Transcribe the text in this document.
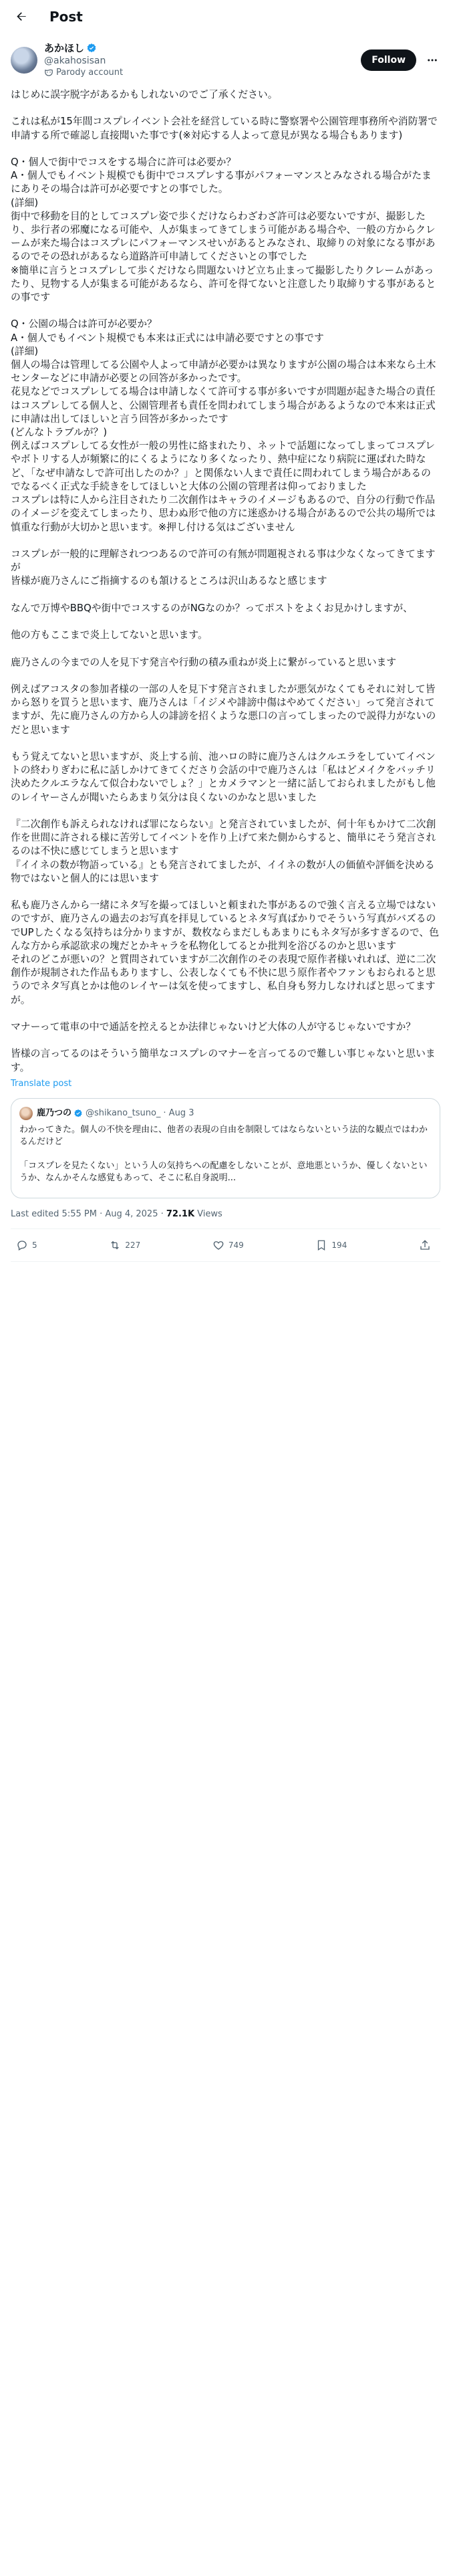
Post
あかほし
@akahosisan
Parody account
Follow
はじめに誤字脱字があるかもしれないのでご了承ください。

これは私が15年間コスプレイベント会社を経営している時に警察署や公園管理事務所や消防署で申請する所で確認し直接聞いた事です(※対応する人よって意見が異なる場合もあります)

Q・個人で街中でコスをする場合に許可は必要か？
A・個人でもイベント規模でも街中でコスプレする事がパフォーマンスとみなされる場合がたまにありその場合は許可が必要ですとの事でした。
(詳細)
街中で移動を目的としてコスプレ姿で歩くだけならわざわざ許可は必要ないですが、撮影したり、歩行者の邪魔になる可能や、人が集まってきてしまう可能がある場合や、一般の方からクレームが来た場合はコスプレにパフォーマンスせいがあるとみなされ、取締りの対象になる事があるのでその恐れがあるなら道路許可申請してくださいとの事でした
※簡単に言うとコスプレして歩くだけなら問題ないけど立ち止まって撮影したりクレームがあったり、見物する人が集まる可能があるなら、許可を得てないと注意したり取締りする事があるとの事です

Q・公園の場合は許可が必要か？
A・個人でもイベント規模でも本来は正式には申請必要ですとの事です
(詳細)
個人の場合は管理してる公園や人よって申請が必要かは異なりますが公園の場合は本来なら土木センターなどに申請が必要との回答が多かったです。
花見などでコスプレしてる場合は申請しなくて許可する事が多いですが問題が起きた場合の責任はコスプレしてる個人と、公園管理者も責任を問われてしまう場合があるようなので本来は正式に申請は出してほしいと言う回答が多かったです
(どんなトラブルが？)
例えばコスプレしてる女性が一般の男性に絡まれたり、ネットで話題になってしまってコスプレやボトリする人が頻繁に的にくるようになり多くなったり、熱中症になり病院に運ばれた時など、「なぜ申請なしで許可出したのか？」と関係ない人まで責任に問われてしまう場合があるのでなるべく正式な手続きをしてほしいと大体の公園の管理者は仰っておりました
コスプレは特に人から注目されたり二次創作はキャラのイメージもあるので、自分の行動で作品のイメージを変えてしまったり、思わぬ形で他の方に迷惑かける場合があるので公共の場所では慎重な行動が大切かと思います。※押し付ける気はございません

コスプレが一般的に理解されつつあるので許可の有無が問題視される事は少なくなってきてますが
皆様が鹿乃さんにご指摘するのも頷けるところは沢山あるなと感じます

なんで万博やBBQや街中でコスするのがNGなのか？ってポストをよくお見かけしますが、

他の方もここまで炎上してないと思います。

鹿乃さんの今までの人を見下す発言や行動の積み重ねが炎上に繋がっていると思います

例えばアコスタの参加者様の一部の人を見下す発言されましたが悪気がなくてもそれに対して皆から怒りを買うと思います、鹿乃さんは「イジメや誹謗中傷はやめてください」って発言されてますが、先に鹿乃さんの方から人の誹謗を招くような悪口の言ってしまったので説得力がないのだと思います

もう覚えてないと思いますが、炎上する前、池ハロの時に鹿乃さんはクルエラをしていてイベントの終わりぎわに私に話しかけてきてくださり会話の中で鹿乃さんは「私はどメイクをバッチリ決めたクルエラなんて似合わないでしょ？」とカメラマンと一緒に話しておられましたがもし他のレイヤーさんが聞いたらあまり気分は良くないのかなと思いました

『二次創作も訴えられなければ罪にならない』と発言されていましたが、何十年もかけて二次創作を世間に許される様に苦労してイベントを作り上げて来た側からすると、簡単にそう発言されるのは不快に感じてしまうと思います
『イイネの数が物語っている』とも発言されてましたが、イイネの数が人の価値や評価を決める物ではないと個人的には思います

私も鹿乃さんから一緒にネタ写を撮ってほしいと頼まれた事があるので強く言える立場ではないのですが、鹿乃さんの過去のお写真を拝見しているとネタ写真ばかりでそういう写真がバズるのでUPしたくなる気持ちは分かりますが、数枚ならまだしもあまりにもネタ写が多すぎるので、色んな方から承認欲求の塊だとかキャラを私物化してるとか批判を浴びるのかと思います
それのどこが悪いの？と質問されていますが二次創作のその表現で原作者様いれれば、逆に二次創作が規制された作品もありますし、公表しなくても不快に思う原作者やファンもおられると思うのでネタ写真とかは他のレイヤーは気を使ってますし、私自身も努力しなければと思ってますが。

マナーって電車の中で通話を控えるとか法律じゃないけど大体の人が守るじゃないですか？

皆様の言ってるのはそういう簡単なコスプレのマナーを言ってるので難しい事じゃないと思います。
Translate post
鹿乃つの @shikano_tsuno_ · Aug 3
わかってきた。個人の不快を理由に、他者の表現の自由を制限してはならないという法的な観点ではわかるんだけど

「コスプレを見たくない」という人の気持ちへの配慮をしないことが、意地悪というか、優しくないというか、なんかそんな感覚もあって、そこに私自身説明...
Last edited 5:55 PM · Aug 4, 2025 · 72.1K Views
5	227	749	194
